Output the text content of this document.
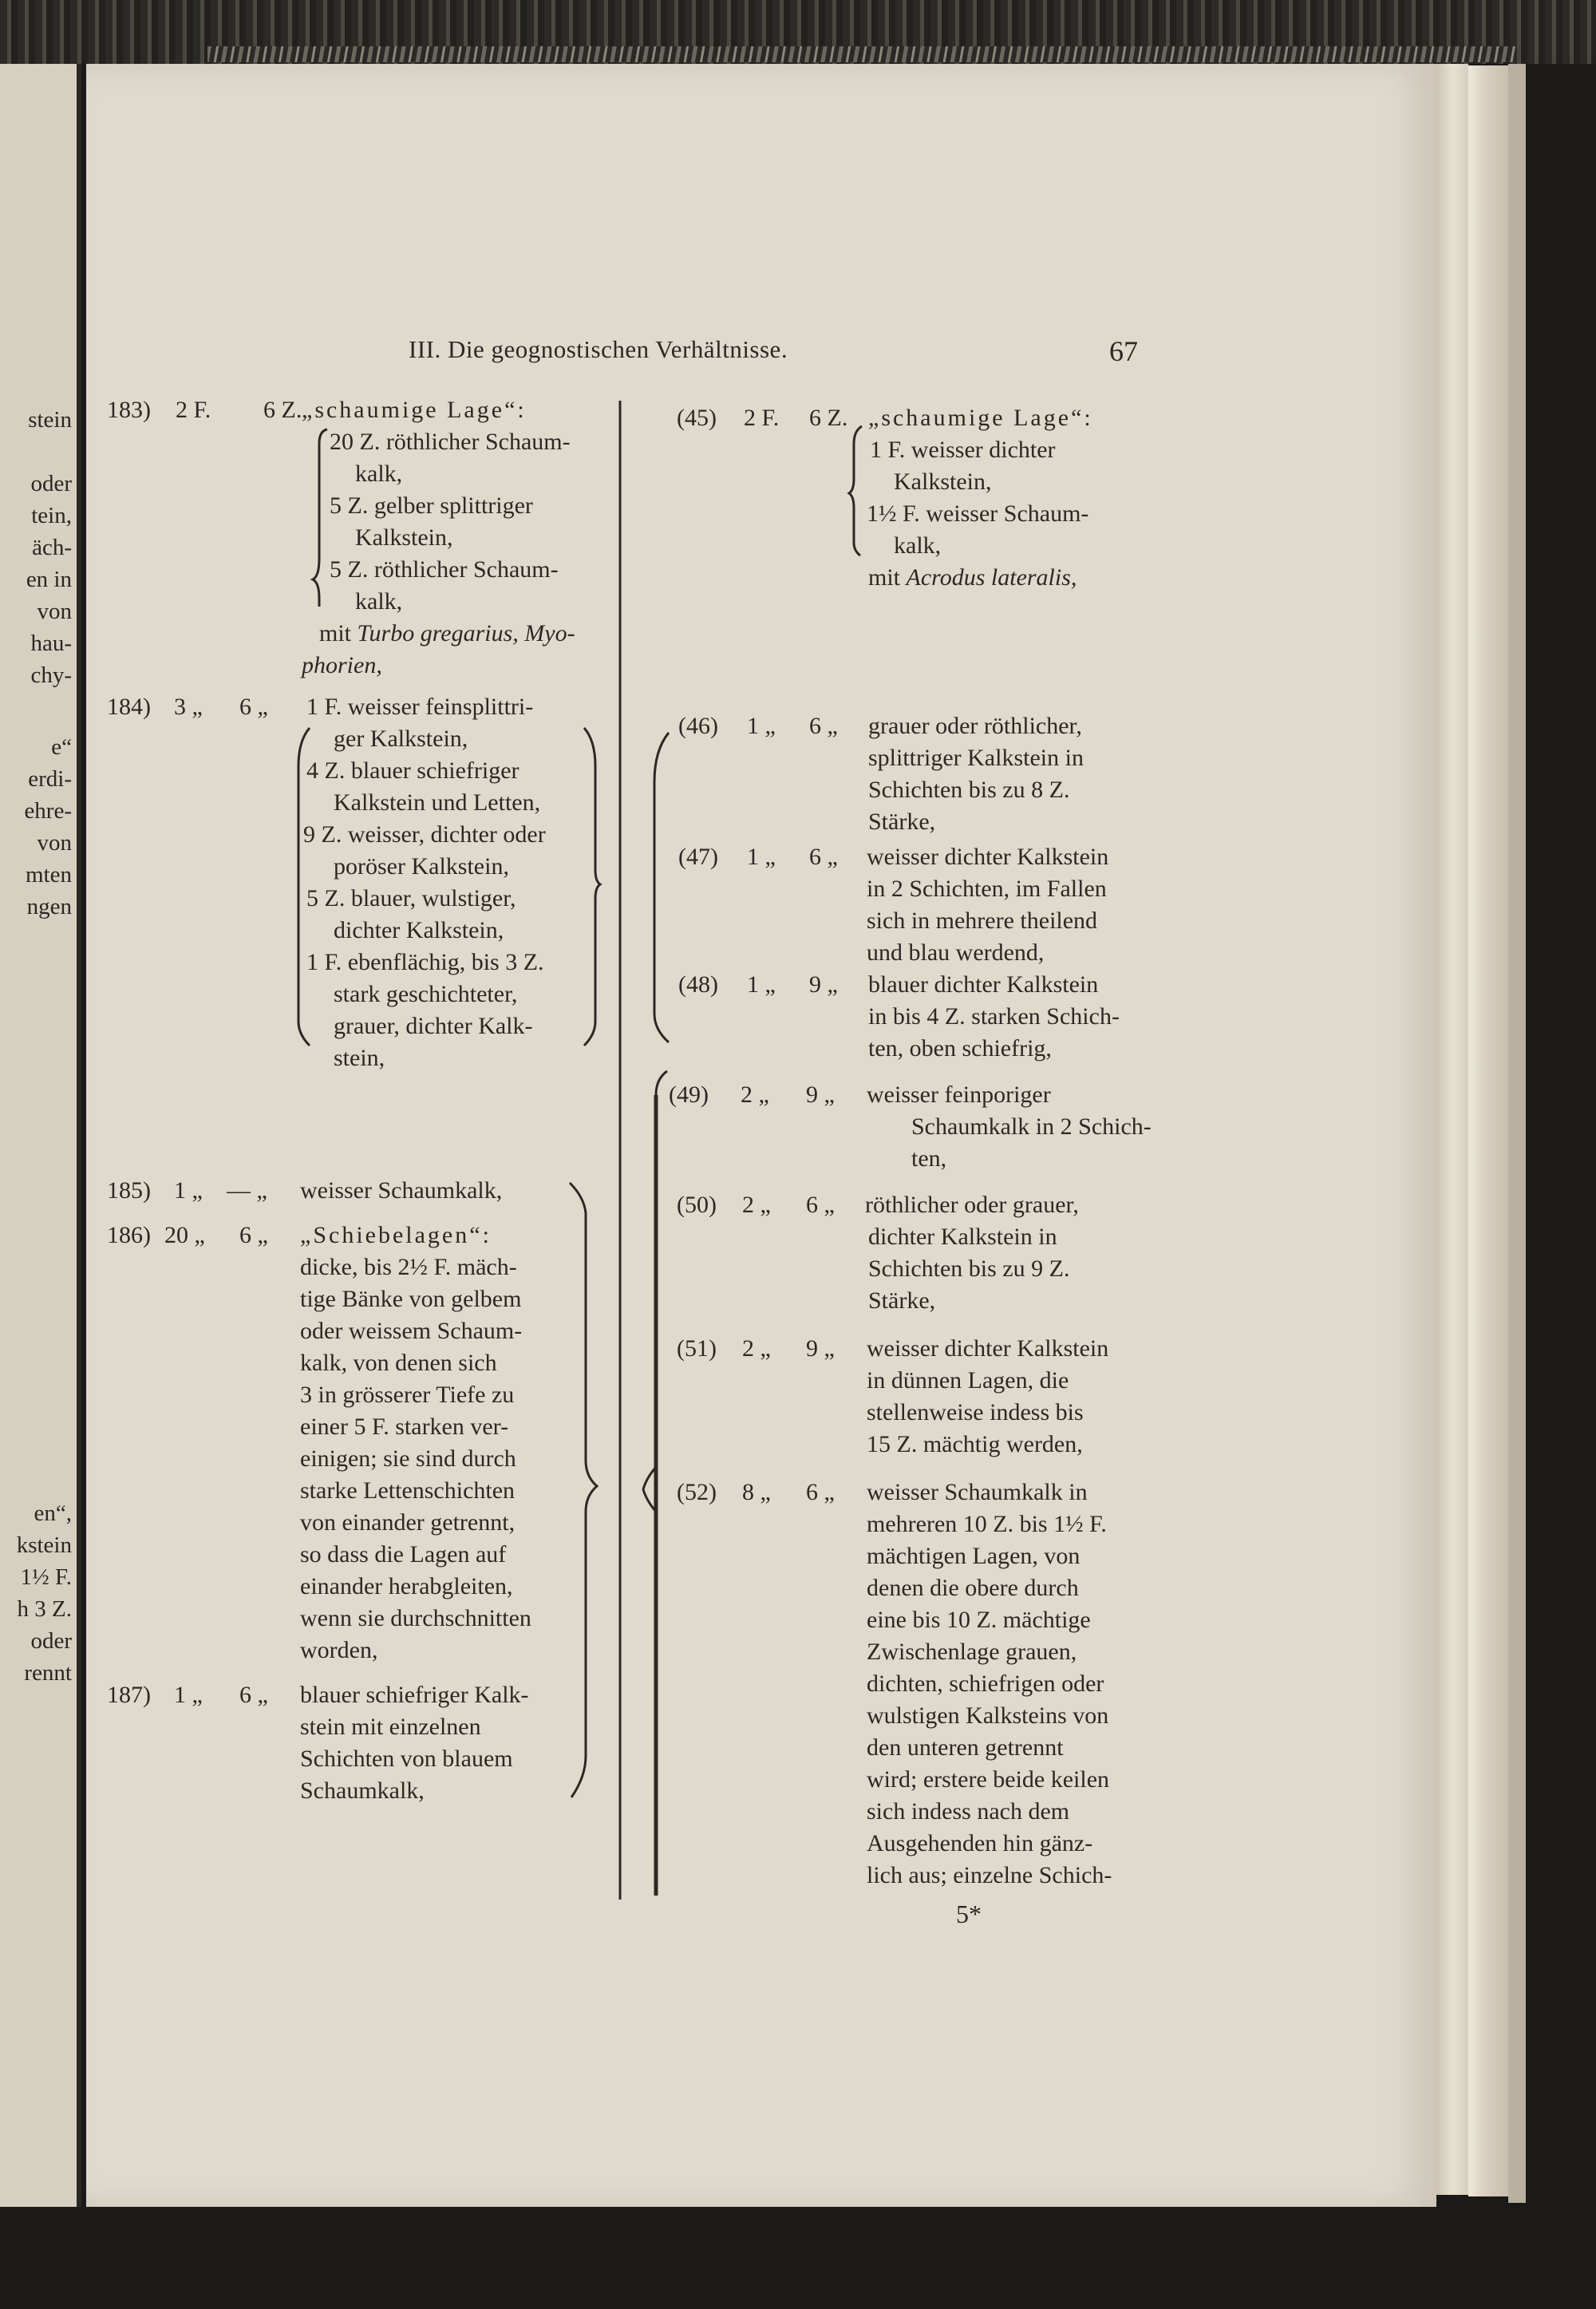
stein
oder
tein,
äch-
en in
von
hau-
chy-
e“
erdi-
ehre-
von
mten
ngen
en“,
kstein
1½ F.
h 3 Z.
oder
rennt
III. Die geognostischen Verhältnisse.	67
183) 2 F. 6 Z. „schaumige Lage“:
20 Z. röthlicher Schaum-
kalk,
5 Z. gelber splittriger
Kalkstein,
5 Z. röthlicher Schaum-
kalk,
mit Turbo gregarius, Myo-
phorien,
184) 3 „ 6 „ 1 F. weisser feinsplittri-
ger Kalkstein,
4 Z. blauer schiefriger
Kalkstein und Letten,
9 Z. weisser, dichter oder
poröser Kalkstein,
5 Z. blauer, wulstiger,
dichter Kalkstein,
1 F. ebenflächig, bis 3 Z.
stark geschichteter,
grauer, dichter Kalk-
stein,
185) 1 „ — „ weisser Schaumkalk,
186) 20 „ 6 „ „Schiebelagen“:
dicke, bis 2½ F. mäch-
tige Bänke von gelbem
oder weissem Schaum-
kalk, von denen sich
3 in grösserer Tiefe zu
einer 5 F. starken ver-
einigen; sie sind durch
starke Lettenschichten
von einander getrennt,
so dass die Lagen auf
einander herabgleiten,
wenn sie durchschnitten
worden,
187) 1 „ 6 „ blauer schiefriger Kalk-
stein mit einzelnen
Schichten von blauem
Schaumkalk,
(45) 2 F. 6 Z. „schaumige Lage“:
1 F. weisser dichter
Kalkstein,
1½ F. weisser Schaum-
kalk,
mit Acrodus lateralis,
(46) 1 „ 6 „ grauer oder röthlicher,
splittriger Kalkstein in
Schichten bis zu 8 Z.
Stärke,
(47) 1 „ 6 „ weisser dichter Kalkstein
in 2 Schichten, im Fallen
sich in mehrere theilend
und blau werdend,
(48) 1 „ 9 „ blauer dichter Kalkstein
in bis 4 Z. starken Schich-
ten, oben schiefrig,
(49) 2 „ 9 „ weisser feinporiger
Schaumkalk in 2 Schich-
ten,
(50) 2 „ 6 „ röthlicher oder grauer,
dichter Kalkstein in
Schichten bis zu 9 Z.
Stärke,
(51) 2 „ 9 „ weisser dichter Kalkstein
in dünnen Lagen, die
stellenweise indess bis
15 Z. mächtig werden,
(52) 8 „ 6 „ weisser Schaumkalk in
mehreren 10 Z. bis 1½ F.
mächtigen Lagen, von
denen die obere durch
eine bis 10 Z. mächtige
Zwischenlage grauen,
dichten, schiefrigen oder
wulstigen Kalksteins von
den unteren getrennt
wird; erstere beide keilen
sich indess nach dem
Ausgehenden hin gänz-
lich aus; einzelne Schich-
5*
